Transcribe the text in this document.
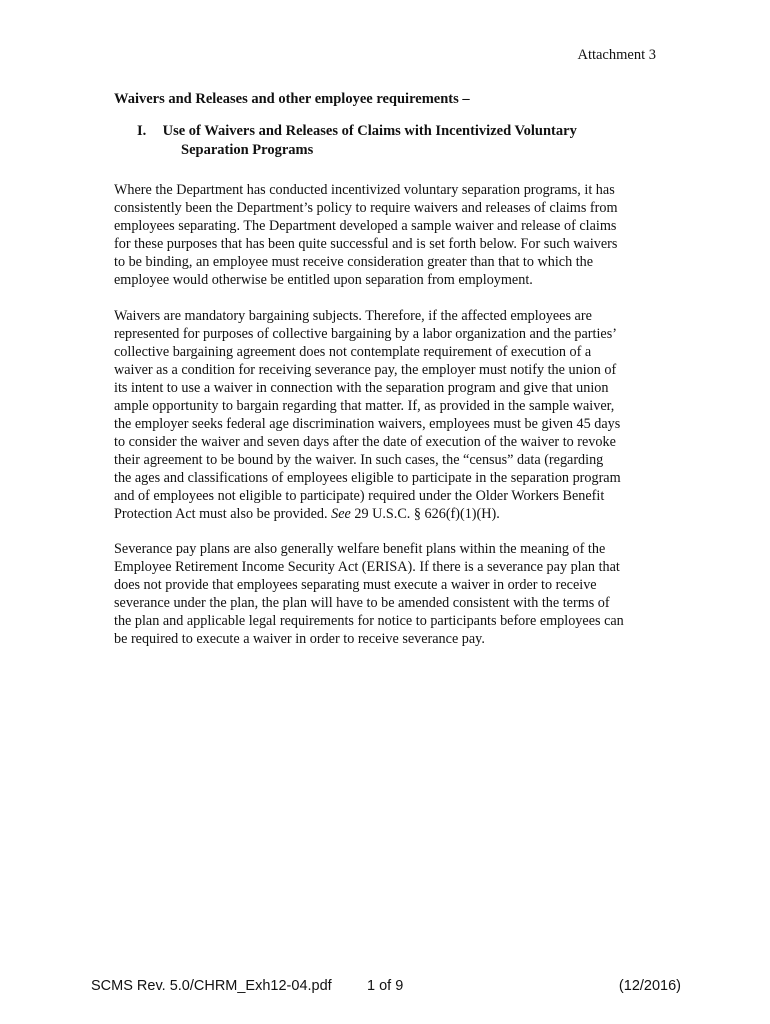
Attachment 3
Waivers and Releases and other employee requirements –
I. Use of Waivers and Releases of Claims with Incentivized Voluntary
Separation Programs

Where the Department has conducted incentivized voluntary separation programs, it has
consistently been the Department’s policy to require waivers and releases of claims from
employees separating. The Department developed a sample waiver and release of claims
for these purposes that has been quite successful and is set forth below. For such waivers
to be binding, an employee must receive consideration greater than that to which the
employee would otherwise be entitled upon separation from employment.

Waivers are mandatory bargaining subjects. Therefore, if the affected employees are
represented for purposes of collective bargaining by a labor organization and the parties’
collective bargaining agreement does not contemplate requirement of execution of a
waiver as a condition for receiving severance pay, the employer must notify the union of
its intent to use a waiver in connection with the separation program and give that union
ample opportunity to bargain regarding that matter. If, as provided in the sample waiver,
the employer seeks federal age discrimination waivers, employees must be given 45 days
to consider the waiver and seven days after the date of execution of the waiver to revoke
their agreement to be bound by the waiver. In such cases, the “census” data (regarding
the ages and classifications of employees eligible to participate in the separation program
and of employees not eligible to participate) required under the Older Workers Benefit
Protection Act must also be provided. See 29 U.S.C. § 626(f)(1)(H).

Severance pay plans are also generally welfare benefit plans within the meaning of the
Employee Retirement Income Security Act (ERISA). If there is a severance pay plan that
does not provide that employees separating must execute a waiver in order to receive
severance under the plan, the plan will have to be amended consistent with the terms of
the plan and applicable legal requirements for notice to participants before employees can
be required to execute a waiver in order to receive severance pay.

SCMS Rev. 5.0/CHRM_Exh12-04.pdf 1 of 9	(12/2016)
